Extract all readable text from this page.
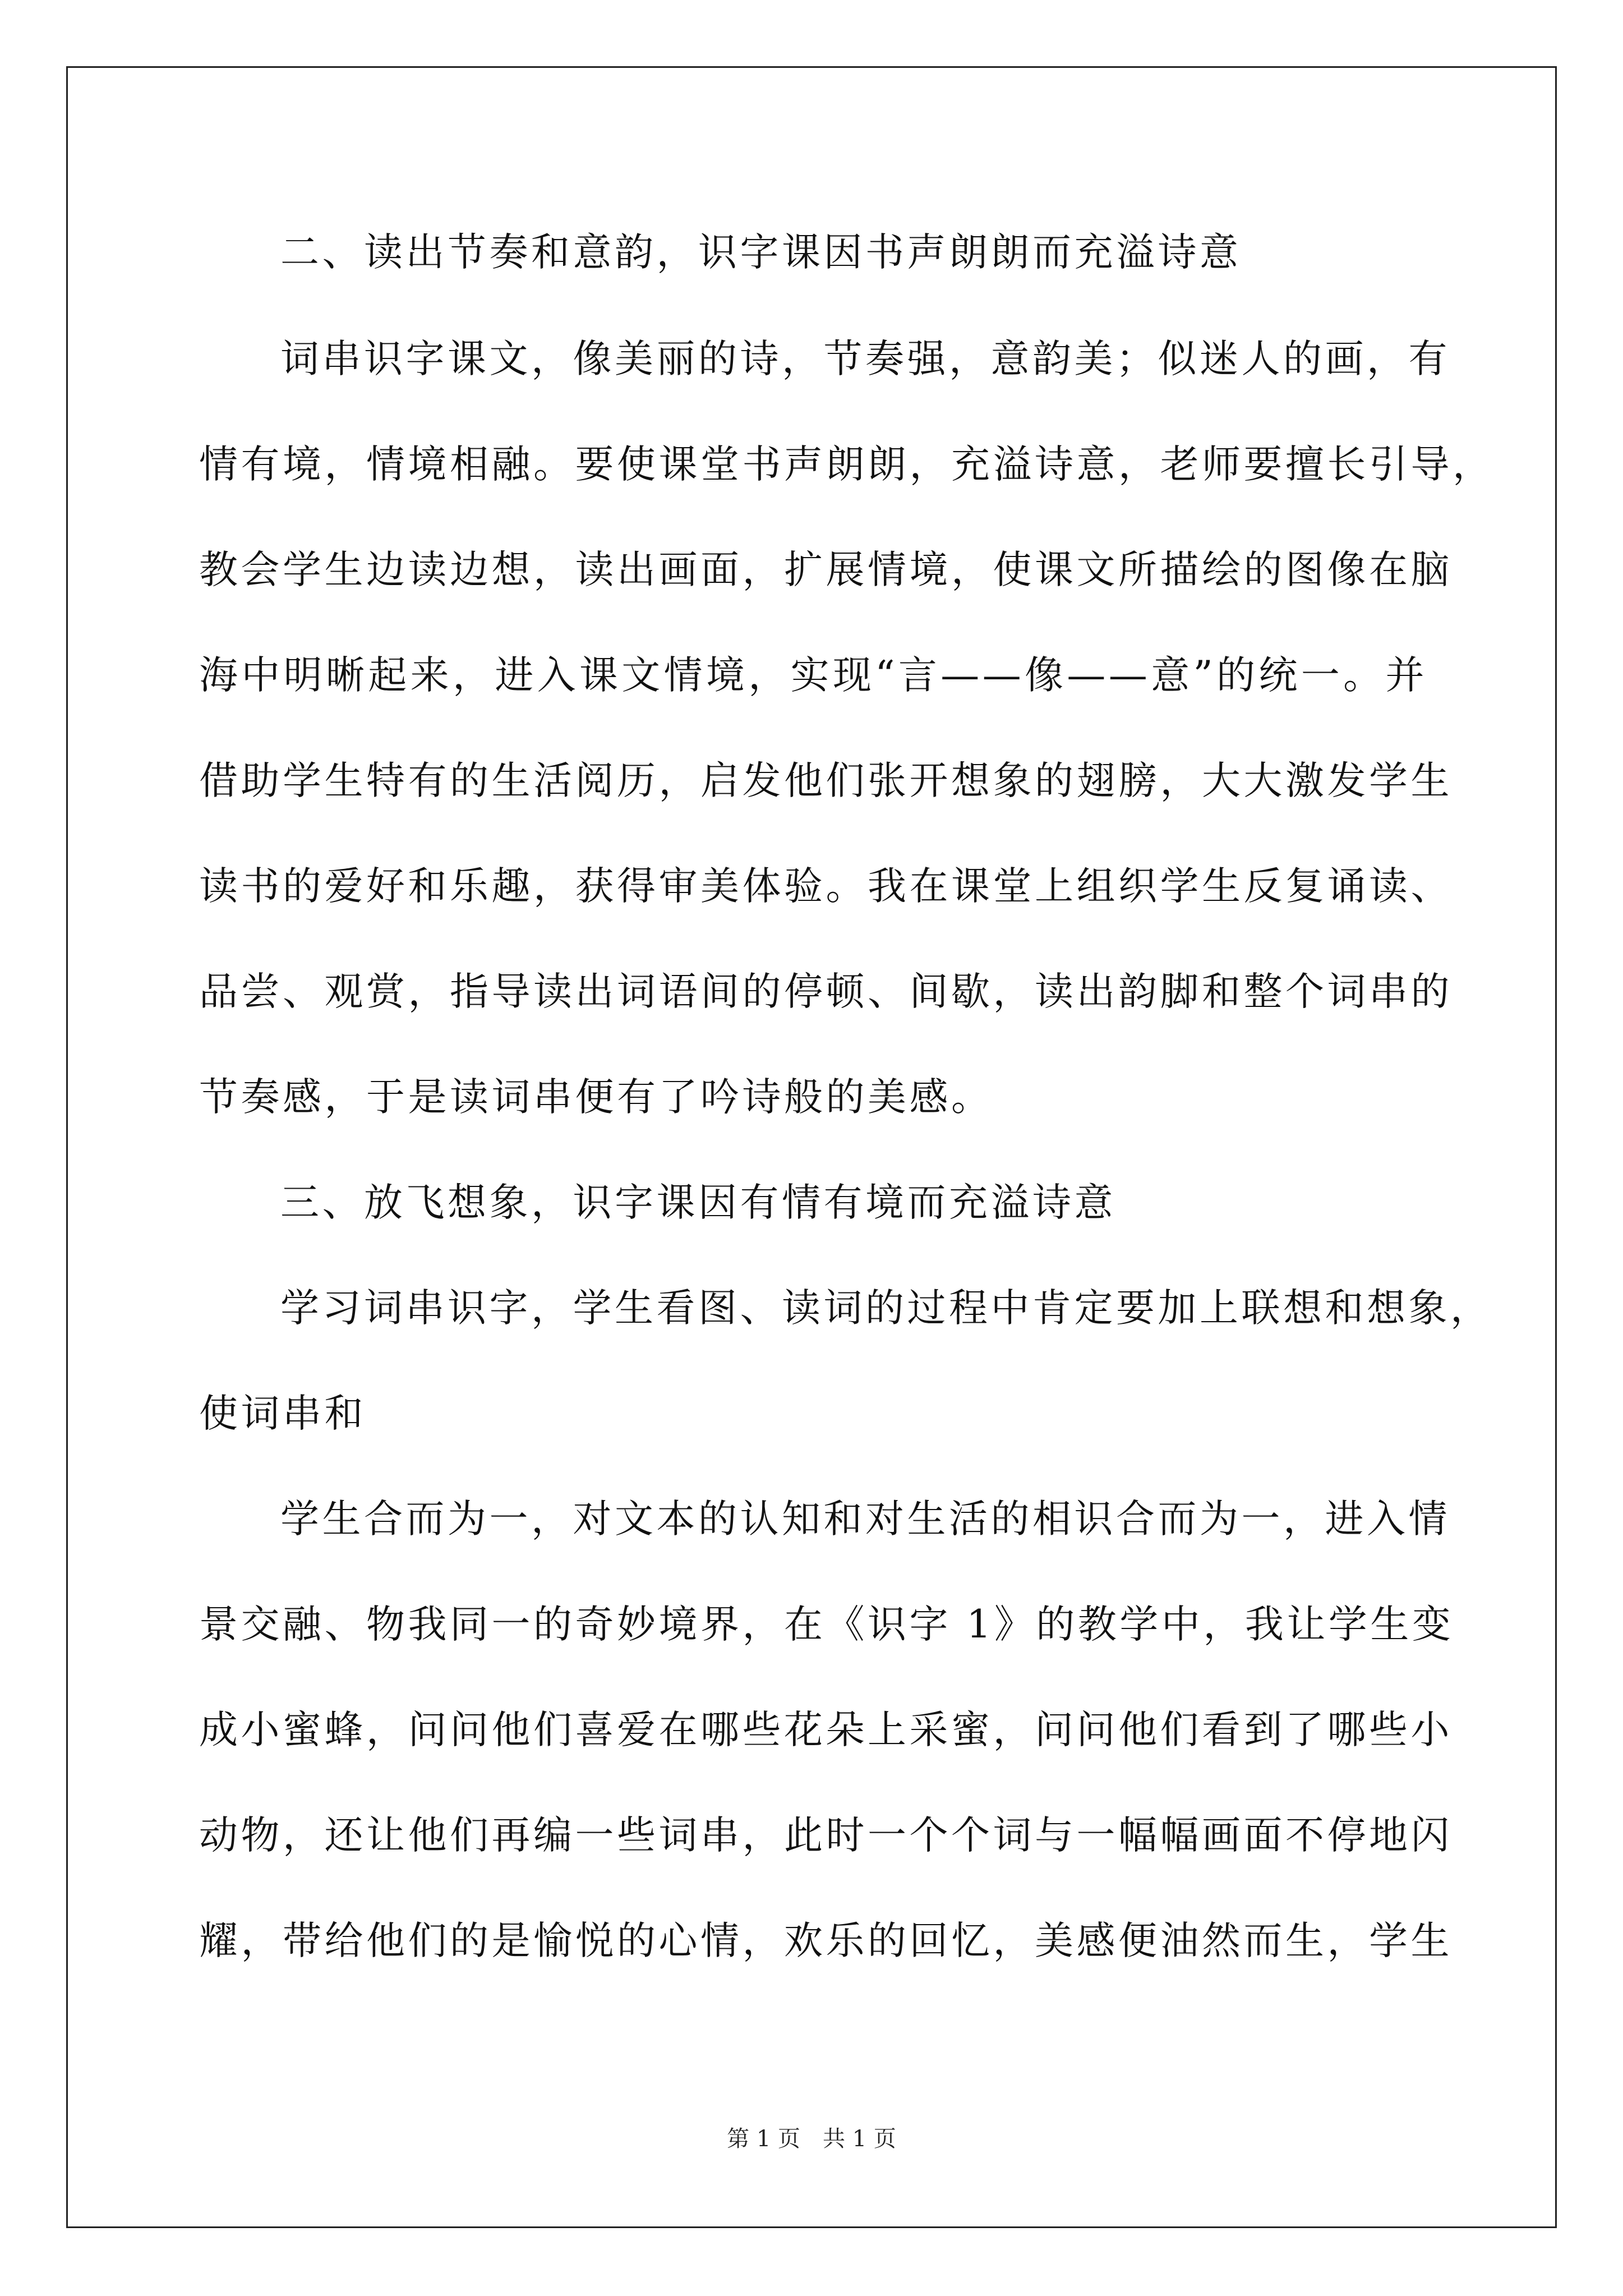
二、读出节奏和意韵，识字课因书声朗朗而充溢诗意
词串识字课文，像美丽的诗，节奏强，意韵美；似迷人的画，有
情有境，情境相融。要使课堂书声朗朗，充溢诗意，老师要擅长引导，
教会学生边读边想，读出画面，扩展情境，使课文所描绘的图像在脑
海中明晰起来，进入课文情境，实现“言——像——意”的统一。并
借助学生特有的生活阅历，启发他们张开想象的翅膀，大大激发学生
读书的爱好和乐趣，获得审美体验。我在课堂上组织学生反复诵读、
品尝、观赏，指导读出词语间的停顿、间歇，读出韵脚和整个词串的
节奏感，于是读词串便有了吟诗般的美感。
三、放飞想象，识字课因有情有境而充溢诗意
学习词串识字，学生看图、读词的过程中肯定要加上联想和想象，
使词串和
学生合而为一，对文本的认知和对生活的相识合而为一，进入情
景交融、物我同一的奇妙境界，在《识字 1》的教学中，我让学生变
成小蜜蜂，问问他们喜爱在哪些花朵上采蜜，问问他们看到了哪些小
动物，还让他们再编一些词串，此时一个个词与一幅幅画面不停地闪
耀，带给他们的是愉悦的心情，欢乐的回忆，美感便油然而生，学生
第 1 页　共 1 页
